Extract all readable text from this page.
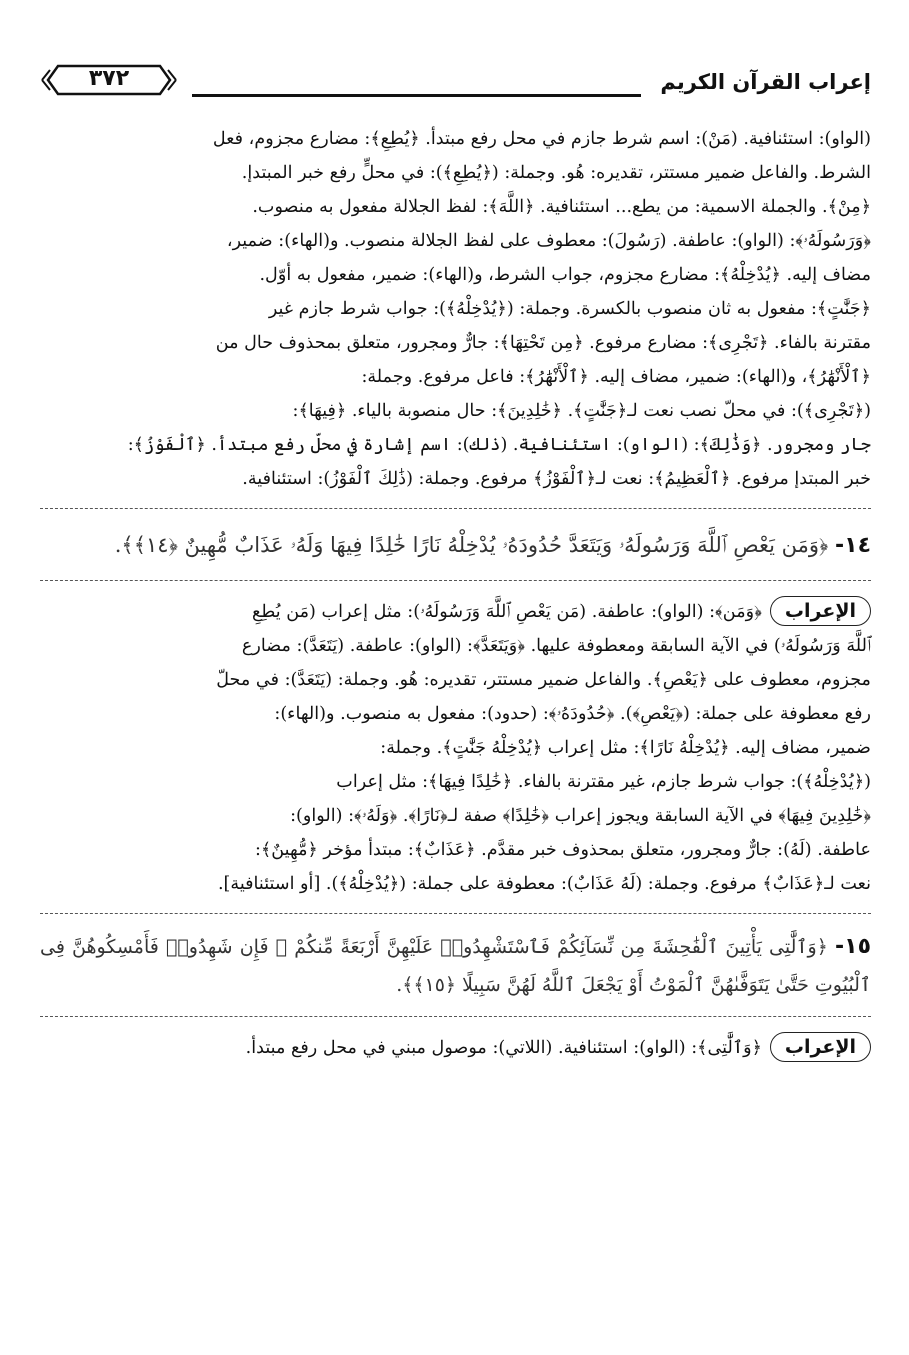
إعراب القرآن الكريم
٣٧٢

(الواو): استئنافية. (مَنْ): اسم شرط جازم في محل رفع مبتدأ. ﴿يُطِعِ﴾: مضارع مجزوم، فعل

الشرط. والفاعل ضمير مستتر، تقديره: هُو. وجملة: (﴿يُطِعِ﴾): في محلٍّ رفع خبر المبتدإ.

﴿مِنْ﴾. والجملة الاسمية: من يطع... استئنافية. ﴿اللَّهَ﴾: لفظ الجلالة مفعول به منصوب.

﴿وَرَسُولَهُۥ﴾: (الواو): عاطفة. (رَسُولَ): معطوف على لفظ الجلالة منصوب. و(الهاء): ضمير،

مضاف إليه. ﴿يُدْخِلْهُ﴾: مضارع مجزوم، جواب الشرط، و(الهاء): ضمير، مفعول به أوّل.

﴿جَنَّٰتٍ﴾: مفعول به ثان منصوب بالكسرة. وجملة: (﴿يُدْخِلْهُ﴾): جواب شرط جازم غير

مقترنة بالفاء. ﴿تَجْرِى﴾: مضارع مرفوع. ﴿مِن تَحْتِهَا﴾: جارٌّ ومجرور، متعلق بمحذوف حال من

﴿ٱلْأَنْهَٰرُ﴾، و(الهاء): ضمير، مضاف إليه. ﴿ٱلْأَنْهَٰرُ﴾: فاعل مرفوع. وجملة:

(﴿تَجْرِى﴾): في محلّ نصب نعت لـ﴿جَنَّٰتٍ﴾. ﴿خَٰلِدِينَ﴾: حال منصوبة بالياء. ﴿فِيهَا﴾:

جار ومجرور. ﴿وَذَٰلِكَ﴾: (الواو): استئنافية. (ذلك): اسم إشارة في محلّ رفع مبتدأ. ﴿ٱلْفَوْزُ﴾:

خبر المبتدإ مرفوع. ﴿ٱلْعَظِيمُ﴾: نعت لـ﴿ٱلْفَوْزُ﴾ مرفوع. وجملة: (ذَٰلِكَ ٱلْفَوْزُ): استئنافية.

١٤- ﴿وَمَن يَعْصِ ٱللَّهَ وَرَسُولَهُۥ وَيَتَعَدَّ حُدُودَهُۥ يُدْخِلْهُ نَارًا خَٰلِدًا فِيهَا وَلَهُۥ عَذَابٌ مُّهِينٌ ﴿١٤﴾﴾.

الإعراب﴿وَمَن﴾: (الواو): عاطفة. (مَن يَعْصِ ٱللَّهَ وَرَسُولَهُۥ): مثل إعراب (مَن يُطِعِ

ٱللَّهَ وَرَسُولَهُۥ) في الآية السابقة ومعطوفة عليها. ﴿وَيَتَعَدَّ﴾: (الواو): عاطفة. (يَتَعَدَّ): مضارع

مجزوم، معطوف على ﴿يَعْصِ﴾. والفاعل ضمير مستتر، تقديره: هُو. وجملة: (يَتَعَدَّ): في محلّ

رفع معطوفة على جملة: (﴿يَعْصِ﴾). ﴿حُدُودَهُۥ﴾: (حدود): مفعول به منصوب. و(الهاء):

ضمير، مضاف إليه. ﴿يُدْخِلْهُ نَارًا﴾: مثل إعراب ﴿يُدْخِلْهُ جَنَّٰتٍ﴾. وجملة:

(﴿يُدْخِلْهُ﴾): جواب شرط جازم، غير مقترنة بالفاء. ﴿خَٰلِدًا فِيهَا﴾: مثل إعراب

﴿خَٰلِدِينَ فِيهَا﴾ في الآية السابقة ويجوز إعراب ﴿خَٰلِدًا﴾ صفة لـ﴿نَارًا﴾. ﴿وَلَهُۥ﴾: (الواو):

عاطفة. (لَهُ): جارٌّ ومجرور، متعلق بمحذوف خبر مقدَّم. ﴿عَذَابٌ﴾: مبتدأ مؤخر ﴿مُّهِينٌ﴾:

نعت لـ﴿عَذَابٌ﴾ مرفوع. وجملة: (لَهُ عَذَابٌ): معطوفة على جملة: (﴿يُدْخِلْهُ﴾). [أو استئنافية].

١٥- ﴿وَٱلَّٰتِى يَأْتِينَ ٱلْفَٰحِشَةَ مِن نِّسَآئِكُمْ فَٱسْتَشْهِدُوا۟ عَلَيْهِنَّ أَرْبَعَةً مِّنكُمْ ۖ فَإِن شَهِدُوا۟ فَأَمْسِكُوهُنَّ فِى ٱلْبُيُوتِ حَتَّىٰ يَتَوَفَّىٰهُنَّ ٱلْمَوْتُ أَوْ يَجْعَلَ ٱللَّهُ لَهُنَّ سَبِيلًا ﴿١٥﴾﴾.

الإعراب﴿وَٱلَّٰتِى﴾: (الواو): استئنافية. (اللاتي): موصول مبني في محل رفع مبتدأ.
